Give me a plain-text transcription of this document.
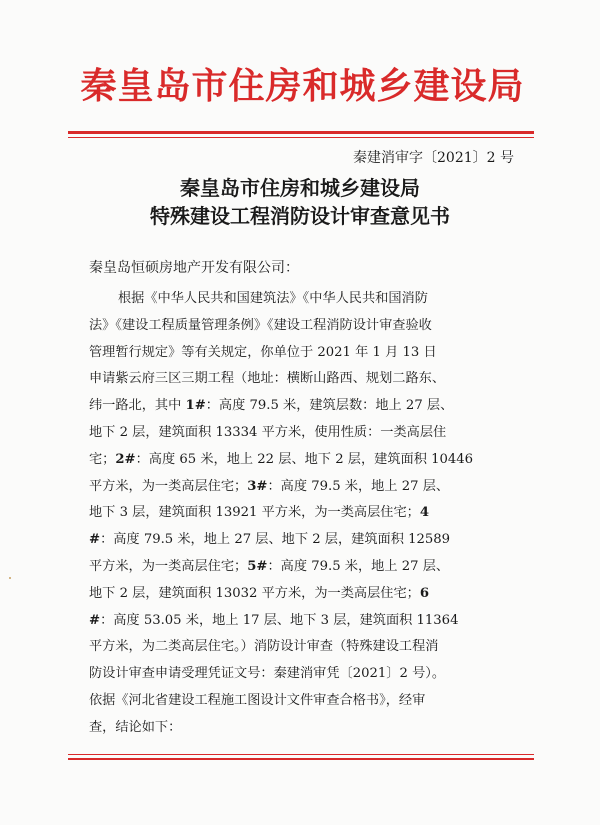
秦皇岛市住房和城乡建设局
秦建消审字〔2021〕2 号
秦皇岛市住房和城乡建设局
特殊建设工程消防设计审查意见书
秦皇岛恒硕房地产开发有限公司：
根据《中华人民共和国建筑法》《中华人民共和国消防
法》《建设工程质量管理条例》《建设工程消防设计审查验收
管理暂行规定》等有关规定，你单位于 2021 年 1 月 13 日
申请紫云府三区三期工程（地址：横断山路西、规划二路东、
纬一路北，其中 1#：高度 79.5 米，建筑层数：地上 27 层、
地下 2 层，建筑面积 13334 平方米，使用性质：一类高层住
宅；2#：高度 65 米，地上 22 层、地下 2 层，建筑面积 10446
平方米，为一类高层住宅；3#：高度 79.5 米，地上 27 层、
地下 3 层，建筑面积 13921 平方米，为一类高层住宅；4
#：高度 79.5 米，地上 27 层、地下 2 层，建筑面积 12589
平方米，为一类高层住宅；5#：高度 79.5 米，地上 27 层、
地下 2 层，建筑面积 13032 平方米，为一类高层住宅；6
#：高度 53.05 米，地上 17 层、地下 3 层，建筑面积 11364
平方米，为二类高层住宅。）消防设计审查（特殊建设工程消
防设计审查申请受理凭证文号：秦建消审凭〔2021〕2 号）。
依据《河北省建设工程施工图设计文件审查合格书》，经审
查，结论如下：
